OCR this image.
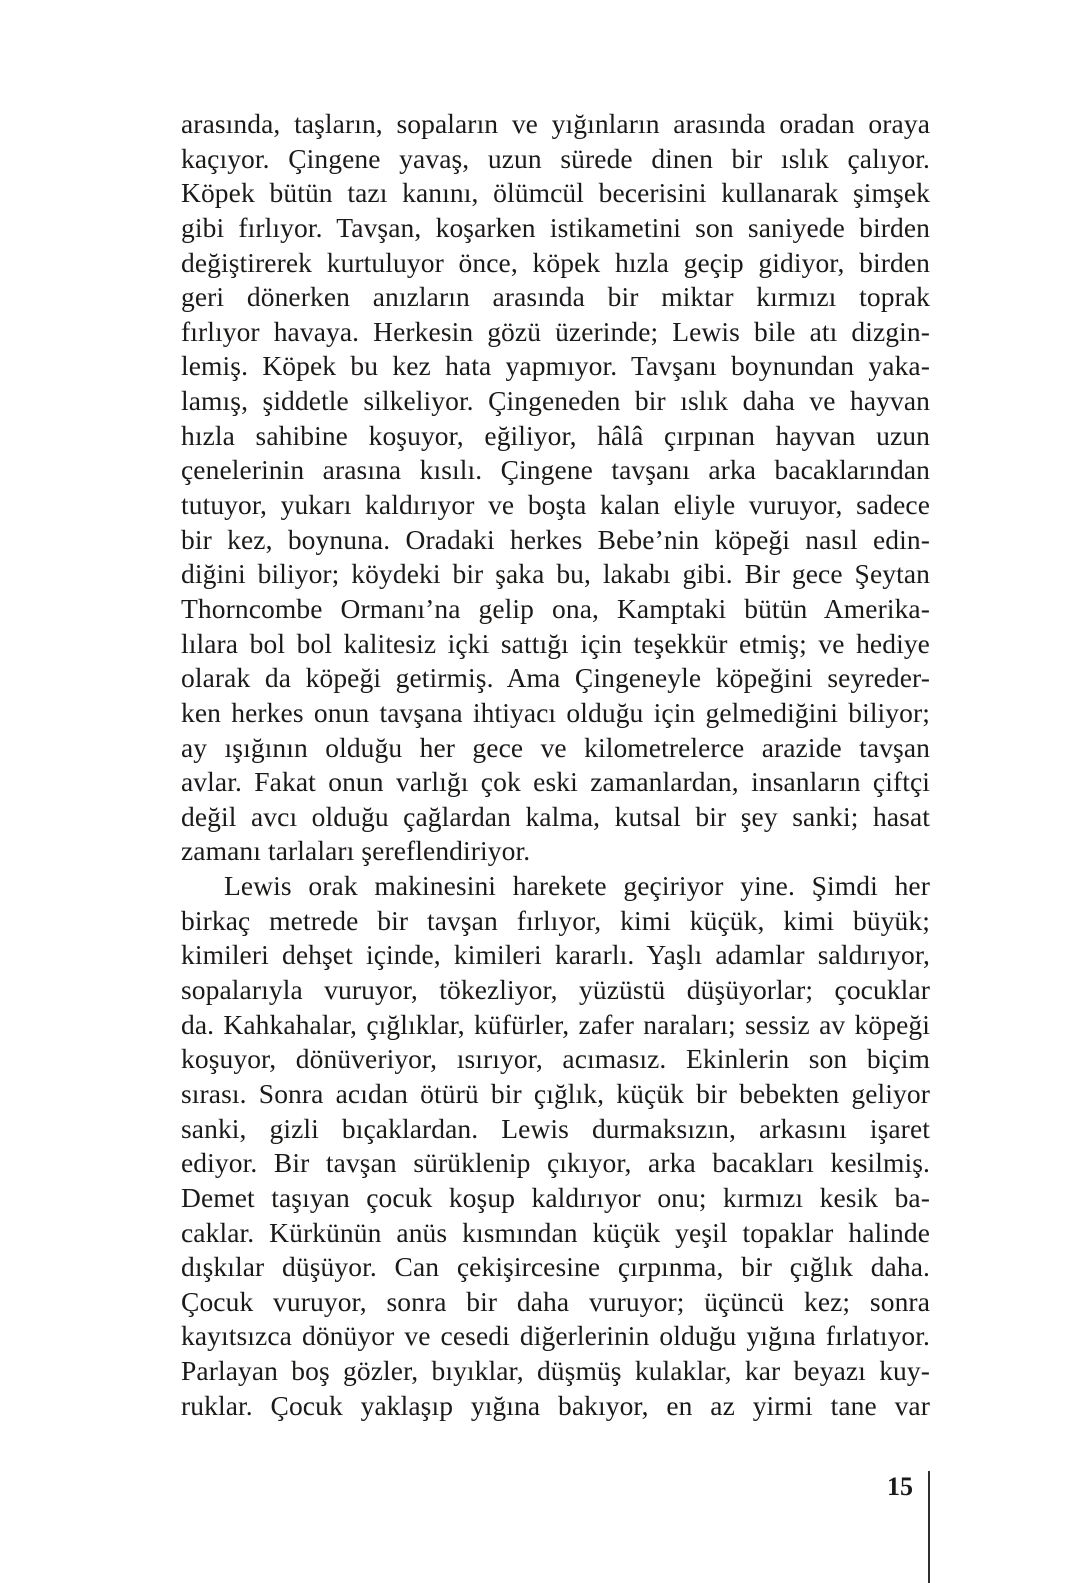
arasında, taşların, sopaların ve yığınların arasında oradan oraya
kaçıyor. Çingene yavaş, uzun sürede dinen bir ıslık çalıyor.
Köpek bütün tazı kanını, ölümcül becerisini kullanarak şimşek
gibi fırlıyor. Tavşan, koşarken istikametini son saniyede birden
değiştirerek kurtuluyor önce, köpek hızla geçip gidiyor, birden
geri dönerken anızların arasında bir miktar kırmızı toprak
fırlıyor havaya. Herkesin gözü üzerinde; Lewis bile atı dizgin-
lemiş. Köpek bu kez hata yapmıyor. Tavşanı boynundan yaka-
lamış, şiddetle silkeliyor. Çingeneden bir ıslık daha ve hayvan
hızla sahibine koşuyor, eğiliyor, hâlâ çırpınan hayvan uzun
çenelerinin arasına kısılı. Çingene tavşanı arka bacaklarından
tutuyor, yukarı kaldırıyor ve boşta kalan eliyle vuruyor, sadece
bir kez, boynuna. Oradaki herkes Bebe’nin köpeği nasıl edin-
diğini biliyor; köydeki bir şaka bu, lakabı gibi. Bir gece Şeytan
Thorncombe Ormanı’na gelip ona, Kamptaki bütün Amerika-
lılara bol bol kalitesiz içki sattığı için teşekkür etmiş; ve hediye
olarak da köpeği getirmiş. Ama Çingeneyle köpeğini seyreder-
ken herkes onun tavşana ihtiyacı olduğu için gelmediğini biliyor;
ay ışığının olduğu her gece ve kilometrelerce arazide tavşan
avlar. Fakat onun varlığı çok eski zamanlardan, insanların çiftçi
değil avcı olduğu çağlardan kalma, kutsal bir şey sanki; hasat
zamanı tarlaları şereflendiriyor.
Lewis orak makinesini harekete geçiriyor yine. Şimdi her
birkaç metrede bir tavşan fırlıyor, kimi küçük, kimi büyük;
kimileri dehşet içinde, kimileri kararlı. Yaşlı adamlar saldırıyor,
sopalarıyla vuruyor, tökezliyor, yüzüstü düşüyorlar; çocuklar
da. Kahkahalar, çığlıklar, küfürler, zafer naraları; sessiz av köpeği
koşuyor, dönüveriyor, ısırıyor, acımasız. Ekinlerin son biçim
sırası. Sonra acıdan ötürü bir çığlık, küçük bir bebekten geliyor
sanki, gizli bıçaklardan. Lewis durmaksızın, arkasını işaret
ediyor. Bir tavşan sürüklenip çıkıyor, arka bacakları kesilmiş.
Demet taşıyan çocuk koşup kaldırıyor onu; kırmızı kesik ba-
caklar. Kürkünün anüs kısmından küçük yeşil topaklar halinde
dışkılar düşüyor. Can çekişircesine çırpınma, bir çığlık daha.
Çocuk vuruyor, sonra bir daha vuruyor; üçüncü kez; sonra
kayıtsızca dönüyor ve cesedi diğerlerinin olduğu yığına fırlatıyor.
Parlayan boş gözler, bıyıklar, düşmüş kulaklar, kar beyazı kuy-
ruklar. Çocuk yaklaşıp yığına bakıyor, en az yirmi tane var
15
